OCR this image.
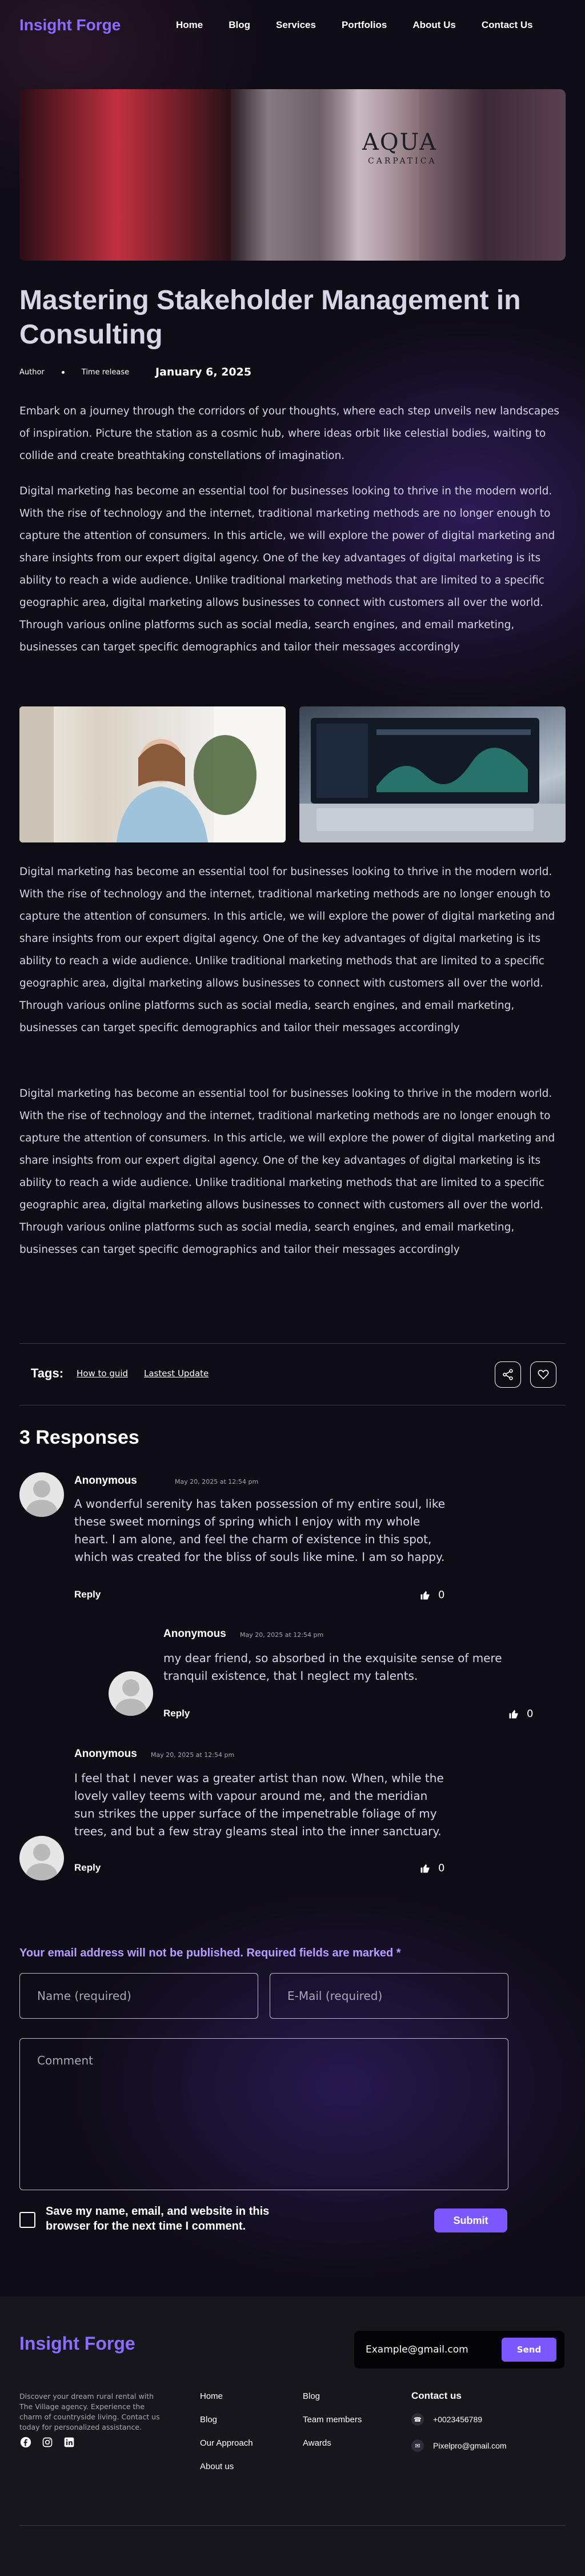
Insight Forge	Home	Blog	Services	Portfolios	About Us	Contact Us
AQUA
CARPATICA
Mastering Stakeholder Management in Consulting
Author	Time release January 6, 2025

Embark on a journey through the corridors of your thoughts, where each step unveils new landscapes of inspiration. Picture the station as a cosmic hub, where ideas orbit like celestial bodies, waiting to collide and create breathtaking constellations of imagination.

Digital marketing has become an essential tool for businesses looking to thrive in the modern world. With the rise of technology and the internet, traditional marketing methods are no longer enough to capture the attention of consumers. In this article, we will explore the power of digital marketing and share insights from our expert digital agency. One of the key advantages of digital marketing is its ability to reach a wide audience. Unlike traditional marketing methods that are limited to a specific geographic area, digital marketing allows businesses to connect with customers all over the world. Through various online platforms such as social media, search engines, and email marketing, businesses can target specific demographics and tailor their messages accordingly

Digital marketing has become an essential tool for businesses looking to thrive in the modern world. With the rise of technology and the internet, traditional marketing methods are no longer enough to capture the attention of consumers. In this article, we will explore the power of digital marketing and share insights from our expert digital agency. One of the key advantages of digital marketing is its ability to reach a wide audience. Unlike traditional marketing methods that are limited to a specific geographic area, digital marketing allows businesses to connect with customers all over the world. Through various online platforms such as social media, search engines, and email marketing, businesses can target specific demographics and tailor their messages accordingly

Digital marketing has become an essential tool for businesses looking to thrive in the modern world. With the rise of technology and the internet, traditional marketing methods are no longer enough to capture the attention of consumers. In this article, we will explore the power of digital marketing and share insights from our expert digital agency. One of the key advantages of digital marketing is its ability to reach a wide audience. Unlike traditional marketing methods that are limited to a specific geographic area, digital marketing allows businesses to connect with customers all over the world. Through various online platforms such as social media, search engines, and email marketing, businesses can target specific demographics and tailor their messages accordingly

Tags: How to guid Lastest Update
3 Responses
Anonymous	May 20, 2025 at 12:54 pm
A wonderful serenity has taken possession of my entire soul, like these sweet mornings of spring which I enjoy with my whole heart. I am alone, and feel the charm of existence in this spot, which was created for the bliss of souls like mine. I am so happy.
Reply	0
Anonymous May 20, 2025 at 12:54 pm
my dear friend, so absorbed in the exquisite sense of mere tranquil existence, that I neglect my talents.
Reply	0
Anonymous May 20, 2025 at 12:54 pm
I feel that I never was a greater artist than now. When, while the lovely valley teems with vapour around me, and the meridian sun strikes the upper surface of the impenetrable foliage of my trees, and but a few stray gleams steal into the inner sanctuary.
Reply	0
Your email address will not be published. Required fields are marked *
Name (required)
E-Mail (required)
Comment
Save my name, email, and website in this browser for the next time I comment.	Submit
Insight Forge
Example@gmail.com	Send
Discover your dream rural rental with The Village agency. Experience the charm of countryside living. Contact us today for personalized assistance.
Home
Blog
Our Approach
About us
Blog
Team members
Awards
Contact us
☎ +0023456789
✉	Pixelpro@gmail.com
